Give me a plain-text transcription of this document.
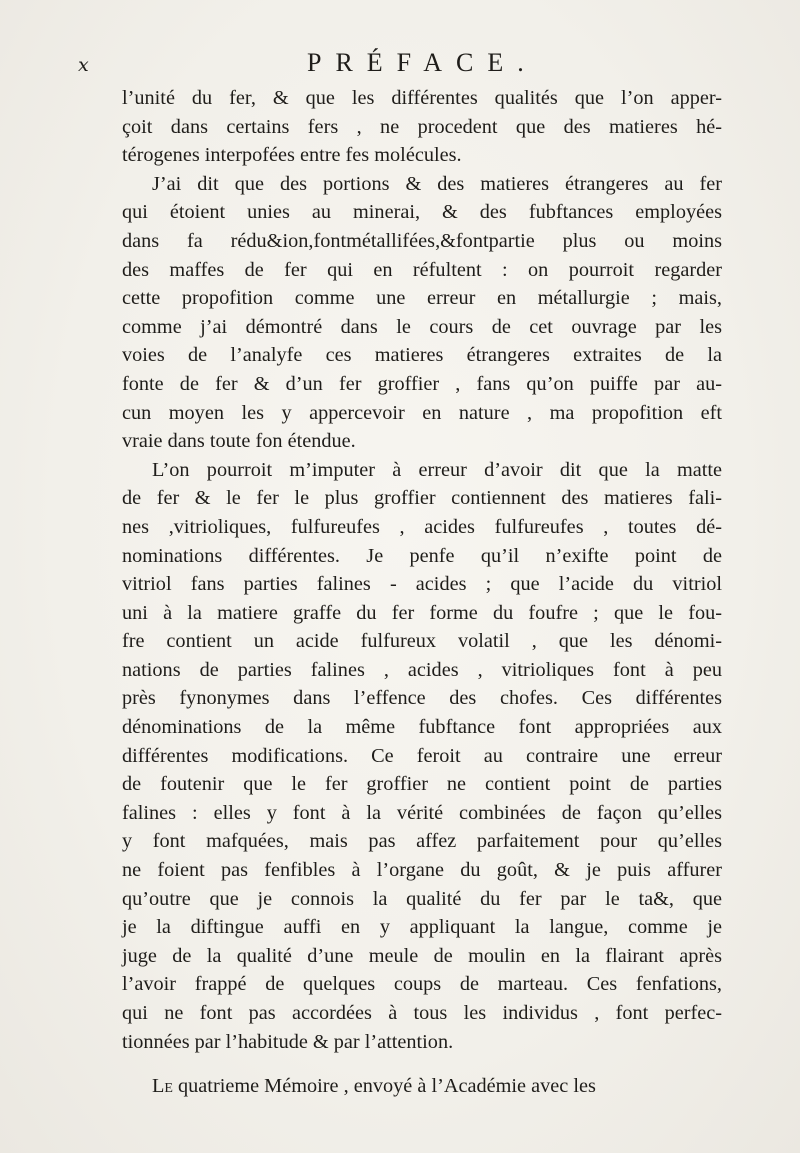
x	PRÉFACE.
l’unité du fer, & que les différentes qualités que l’on apper-
çoit dans certains fers , ne procedent que des matieres hé-
térogenes interpofées entre fes molécules.
J’ai dit que des portions & des matieres étrangeres au fer
qui étoient unies au minerai, & des fubftances employées
dans fa rédu&ion,fontmétallifées,&fontpartie plus ou moins
des maffes de fer qui en réfultent : on pourroit regarder
cette propofition comme une erreur en métallurgie ; mais,
comme j’ai démontré dans le cours de cet ouvrage par les
voies de l’analyfe ces matieres étrangeres extraites de la
fonte de fer & d’un fer groffier , fans qu’on puiffe par au-
cun moyen les y appercevoir en nature , ma propofition eft
vraie dans toute fon étendue.
L’on pourroit m’imputer à erreur d’avoir dit que la matte
de fer & le fer le plus groffier contiennent des matieres fali-
nes ,vitrioliques, fulfureufes , acides fulfureufes , toutes dé-
nominations différentes. Je penfe qu’il n’exifte point de
vitriol fans parties falines - acides ; que l’acide du vitriol
uni à la matiere graffe du fer forme du foufre ; que le fou-
fre contient un acide fulfureux volatil , que les dénomi-
nations de parties falines , acides , vitrioliques font à peu
près fynonymes dans l’effence des chofes. Ces différentes
dénominations de la même fubftance font appropriées aux
différentes modifications. Ce feroit au contraire une erreur
de foutenir que le fer groffier ne contient point de parties
falines : elles y font à la vérité combinées de façon qu’elles
y font mafquées, mais pas affez parfaitement pour qu’elles
ne foient pas fenfibles à l’organe du goût, & je puis affurer
qu’outre que je connois la qualité du fer par le ta&, que
je la diftingue auffi en y appliquant la langue, comme je
juge de la qualité d’une meule de moulin en la flairant après
l’avoir frappé de quelques coups de marteau. Ces fenfations,
qui ne font pas accordées à tous les individus , font perfec-
tionnées par l’habitude & par l’attention.
Le quatrieme Mémoire , envoyé à l’Académie avec les
